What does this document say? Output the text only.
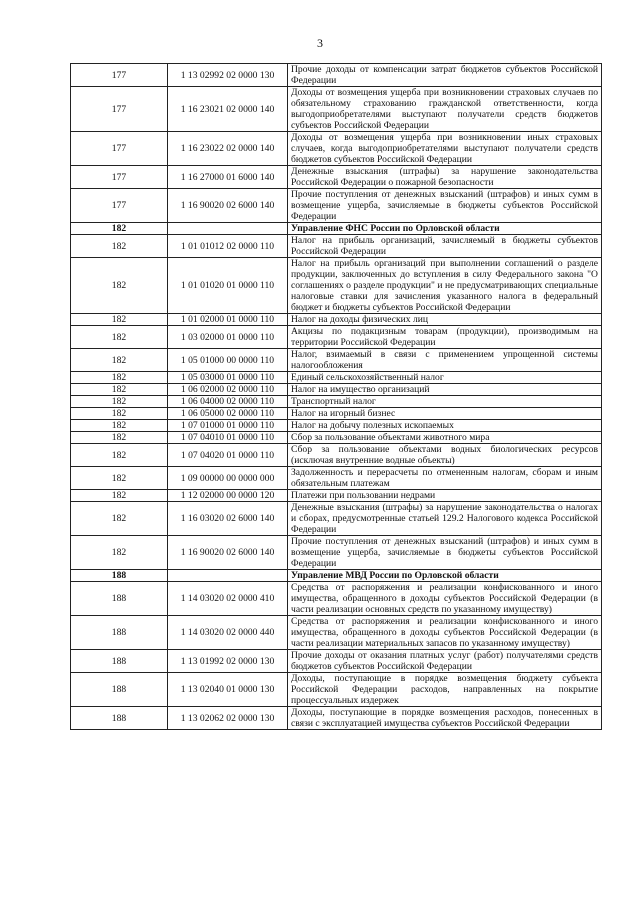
3
177	1 13 02992 02 0000 130	Прочие доходы от компенсации затрат бюджетов субъектов Российской Федерации
177	1 16 23021 02 0000 140	Доходы от возмещения ущерба при возникновении страховых случаев по обязательному страхованию гражданской ответственности, когда выгодоприобретателями выступают получатели средств бюджетов субъектов Российской Федерации
177	1 16 23022 02 0000 140	Доходы от возмещения ущерба при возникновении иных страховых случаев, когда выгодоприобретателями выступают получатели средств бюджетов субъектов Российской Федерации
177	1 16 27000 01 6000 140	Денежные взыскания (штрафы) за нарушение законодательства Российской Федерации о пожарной безопасности
177	1 16 90020 02 6000 140	Прочие поступления от денежных взысканий (штрафов) и иных сумм в возмещение ущерба, зачисляемые в бюджеты субъектов Российской Федерации
182		Управление ФНС России по Орловской области
182	1 01 01012 02 0000 110	Налог на прибыль организаций, зачисляемый в бюджеты субъектов Российской Федерации
182	1 01 01020 01 0000 110	Налог на прибыль организаций при выполнении соглашений о разделе продукции, заключенных до вступления в силу Федерального закона "О соглашениях о разделе продукции" и не предусматривающих специальные налоговые ставки для зачисления указанного налога в федеральный бюджет и бюджеты субъектов Российской Федерации
182	1 01 02000 01 0000 110	Налог на доходы физических лиц
182	1 03 02000 01 0000 110	Акцизы по подакцизным товарам (продукции), производимым на территории Российской Федерации
182	1 05 01000 00 0000 110	Налог, взимаемый в связи с применением упрощенной системы налогообложения
182	1 05 03000 01 0000 110	Единый сельскохозяйственный налог
182	1 06 02000 02 0000 110	Налог на имущество организаций
182	1 06 04000 02 0000 110	Транспортный налог
182	1 06 05000 02 0000 110	Налог на игорный бизнес
182	1 07 01000 01 0000 110	Налог на добычу полезных ископаемых
182	1 07 04010 01 0000 110	Сбор за пользование объектами животного мира
182	1 07 04020 01 0000 110	Сбор за пользование объектами водных биологических ресурсов (исключая внутренние водные объекты)
182	1 09 00000 00 0000 000	Задолженность и перерасчеты по отмененным налогам, сборам и иным обязательным платежам
182	1 12 02000 00 0000 120	Платежи при пользовании недрами
182	1 16 03020 02 6000 140	Денежные взыскания (штрафы) за нарушение законодательства о налогах и сборах, предусмотренные статьей 129.2 Налогового кодекса Российской Федерации
182	1 16 90020 02 6000 140	Прочие поступления от денежных взысканий (штрафов) и иных сумм в возмещение ущерба, зачисляемые в бюджеты субъектов Российской Федерации
188		Управление МВД России по Орловской области
188	1 14 03020 02 0000 410	Средства от распоряжения и реализации конфискованного и иного имущества, обращенного в доходы субъектов Российской Федерации (в части реализации основных средств по указанному имуществу)
188	1 14 03020 02 0000 440	Средства от распоряжения и реализации конфискованного и иного имущества, обращенного в доходы субъектов Российской Федерации (в части реализации материальных запасов по указанному имуществу)
188	1 13 01992 02 0000 130	Прочие доходы от оказания платных услуг (работ) получателями средств бюджетов субъектов Российской Федерации
188	1 13 02040 01 0000 130	Доходы, поступающие в порядке возмещения бюджету субъекта Российской Федерации расходов, направленных на покрытие процессуальных издержек
188	1 13 02062 02 0000 130	Доходы, поступающие в порядке возмещения расходов, понесенных в связи с эксплуатацией имущества субъектов Российской Федерации
